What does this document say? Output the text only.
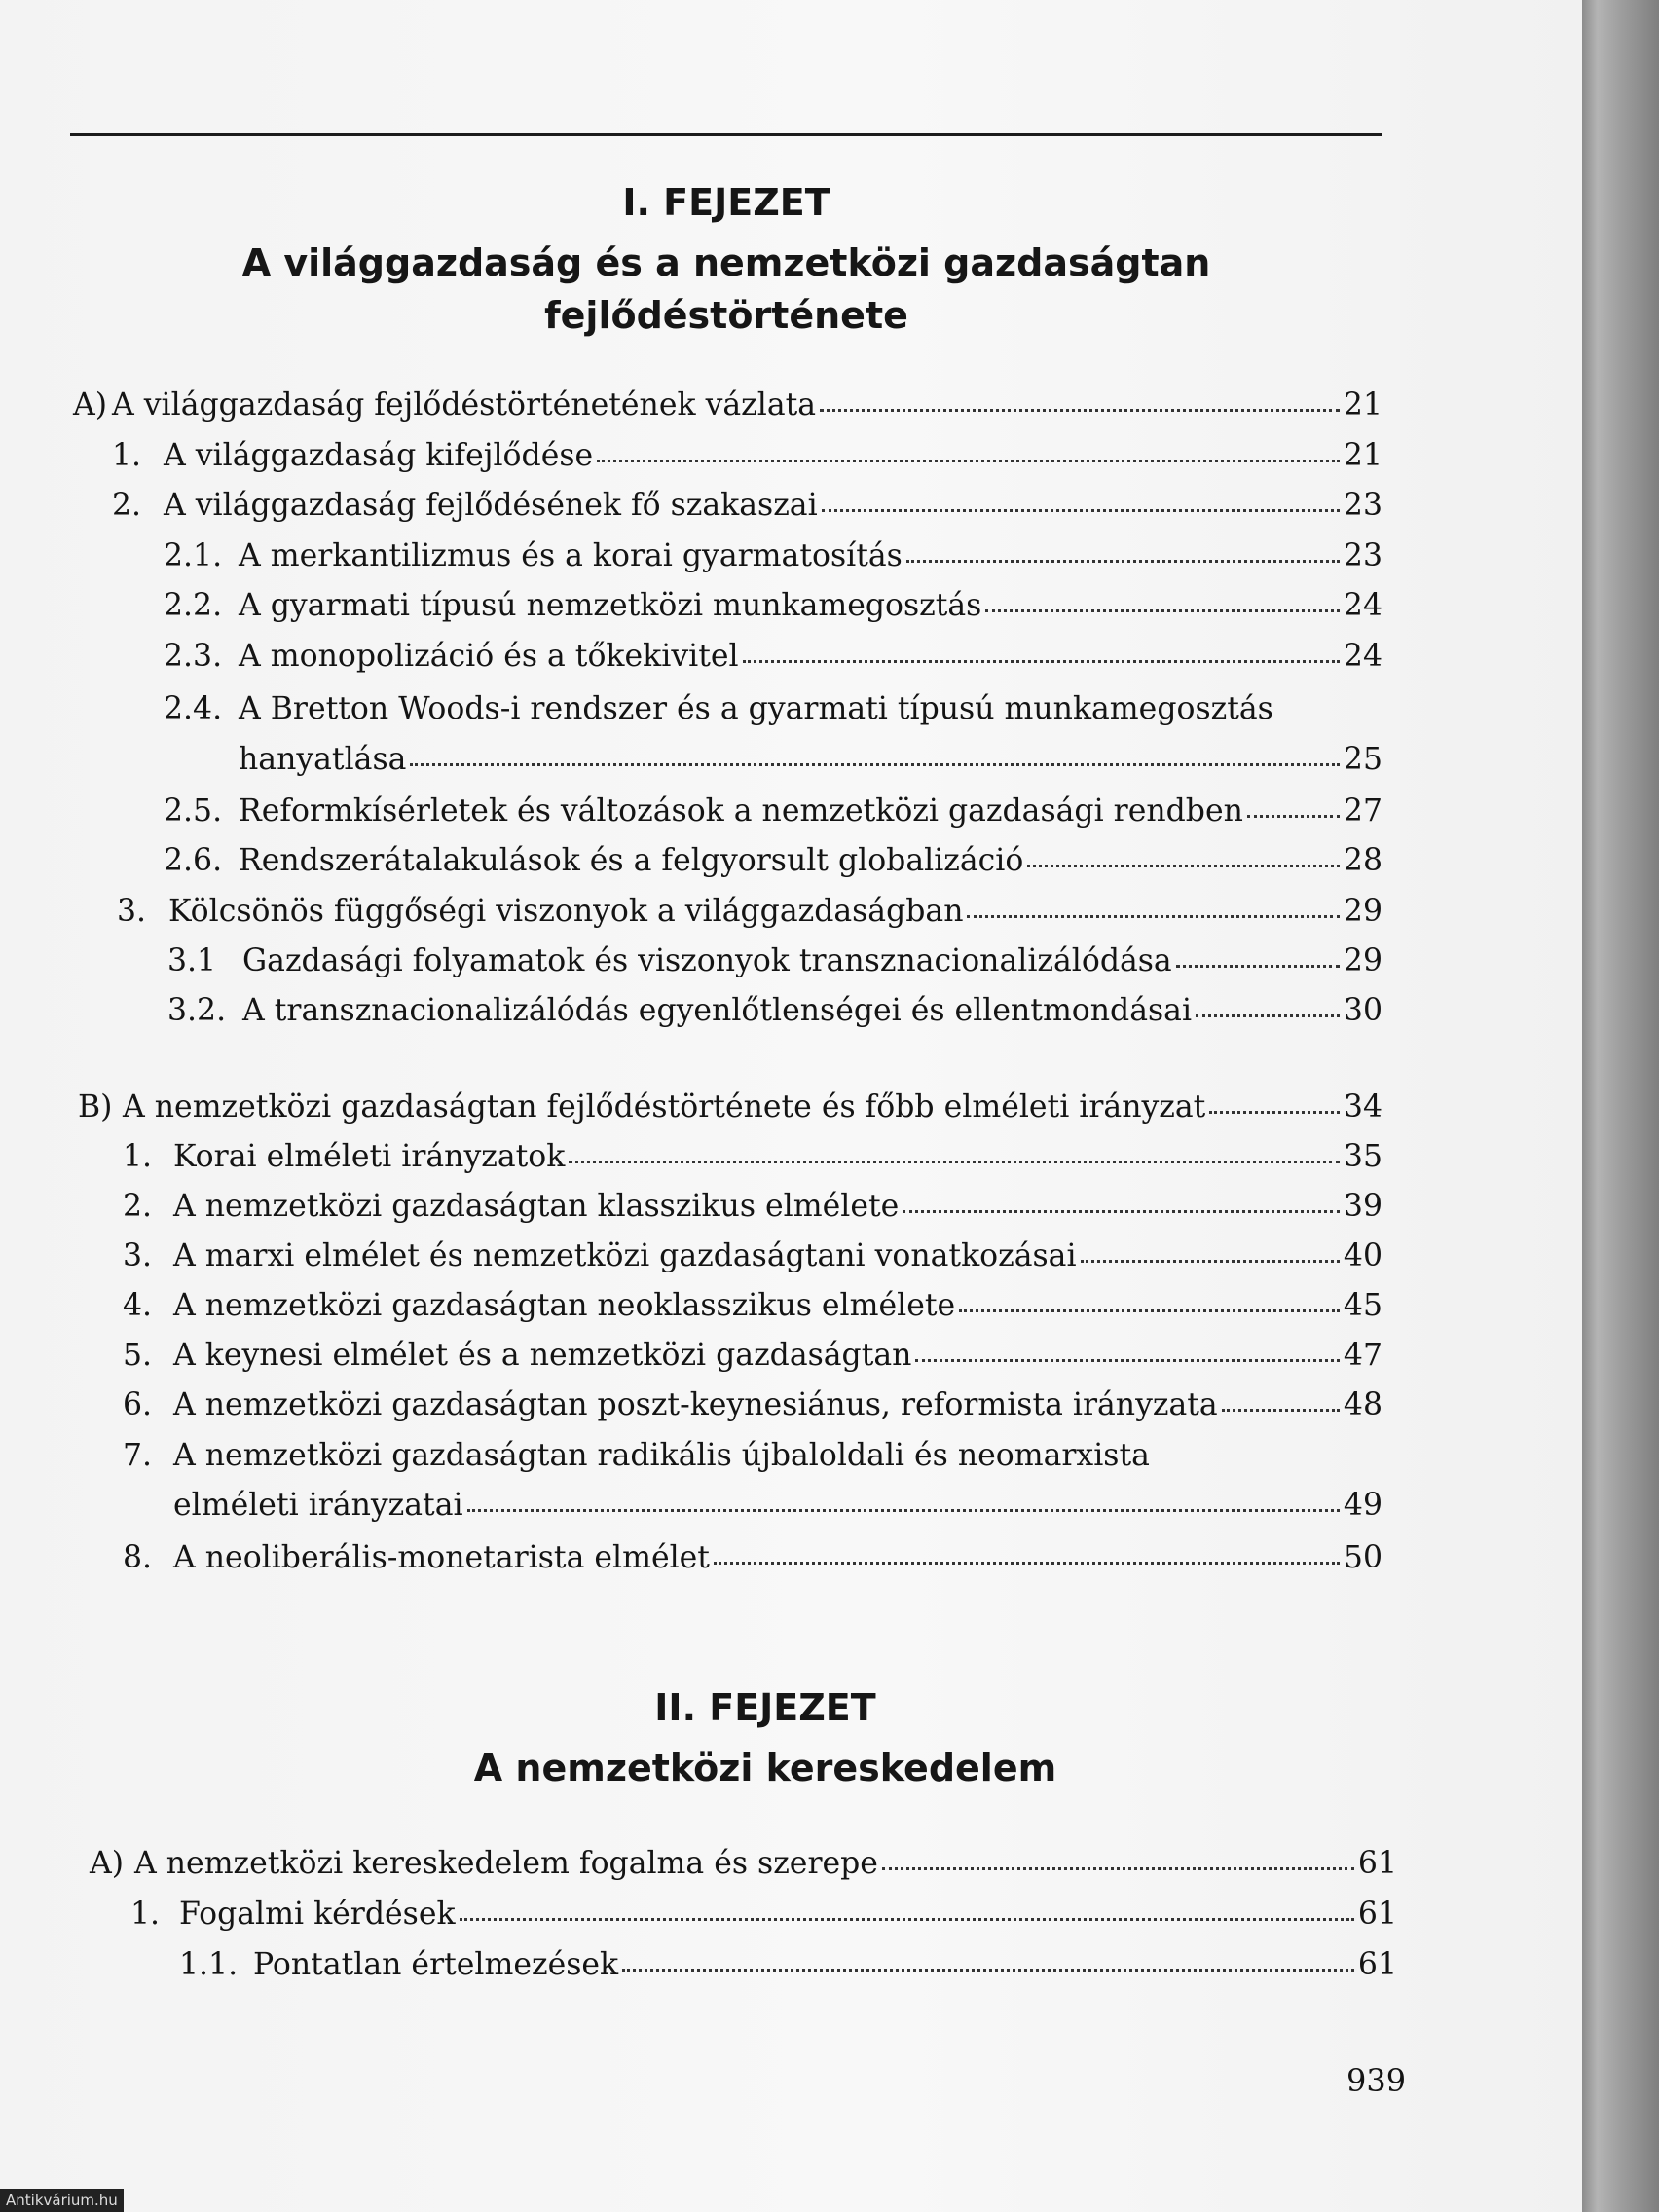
I. FEJEZET
A világgazdaság és a nemzetközi gazdaságtan
fejlődéstörténete
A) A világgazdaság fejlődéstörténetének vázlata	21
1. A világgazdaság kifejlődése	21
2. A világgazdaság fejlődésének fő szakaszai	23
2.1. A merkantilizmus és a korai gyarmatosítás	23
2.2. A gyarmati típusú nemzetközi munkamegosztás	24
2.3. A monopolizáció és a tőkekivitel	24
2.4. A Bretton Woods-i rendszer és a gyarmati típusú munkamegosztás
hanyatlása	25
2.5. Reformkísérletek és változások a nemzetközi gazdasági rendben	27
2.6. Rendszerátalakulások és a felgyorsult globalizáció	28
3. Kölcsönös függőségi viszonyok a világgazdaságban	29
3.1 Gazdasági folyamatok és viszonyok transznacionalizálódása	29
3.2. A transznacionalizálódás egyenlőtlenségei és ellentmondásai	30
B) A nemzetközi gazdaságtan fejlődéstörténete és főbb elméleti irányzat	34
1. Korai elméleti irányzatok	35
2. A nemzetközi gazdaságtan klasszikus elmélete	39
3. A marxi elmélet és nemzetközi gazdaságtani vonatkozásai	40
4. A nemzetközi gazdaságtan neoklasszikus elmélete	45
5. A keynesi elmélet és a nemzetközi gazdaságtan	47
6. A nemzetközi gazdaságtan poszt-keynesiánus, reformista irányzata	48
7. A nemzetközi gazdaságtan radikális újbaloldali és neomarxista
elméleti irányzatai	49
8. A neoliberális-monetarista elmélet	50
II. FEJEZET
A nemzetközi kereskedelem
A) A nemzetközi kereskedelem fogalma és szerepe	61
1. Fogalmi kérdések	61
1.1. Pontatlan értelmezések	61
939
Antikvárium.hu
